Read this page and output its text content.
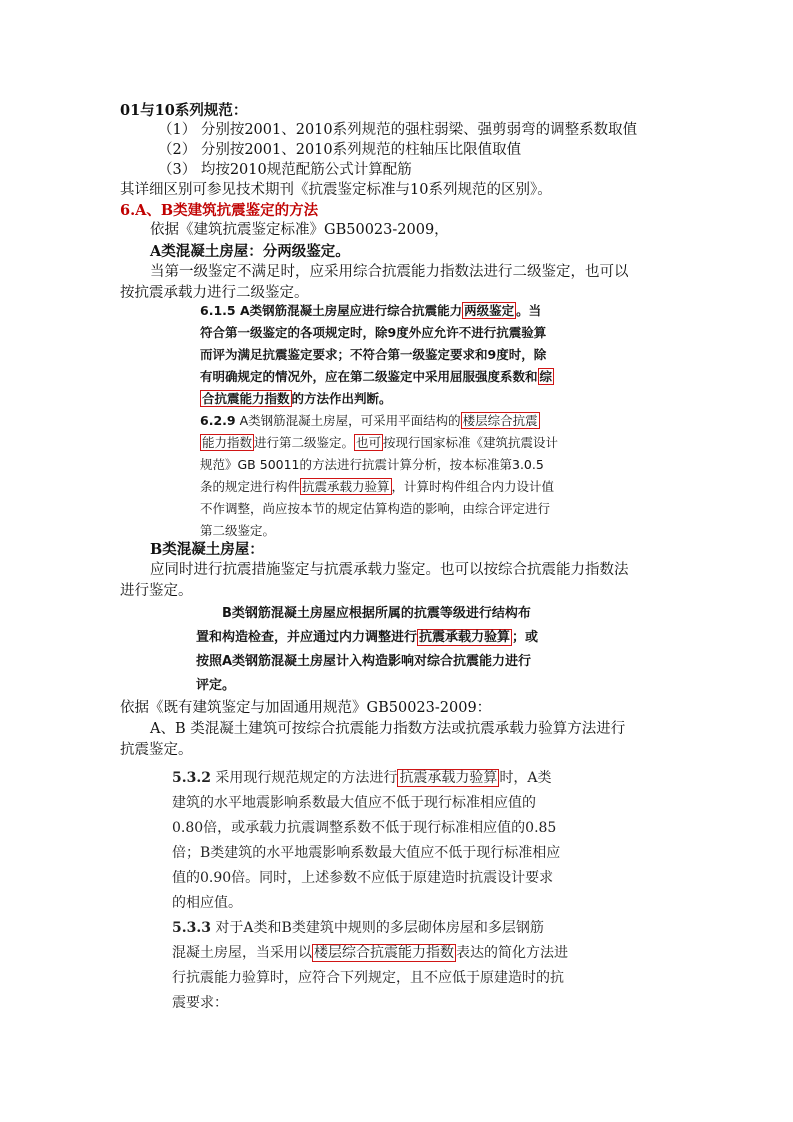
01与10系列规范：
（1） 分别按2001、2010系列规范的强柱弱梁、强剪弱弯的调整系数取值
（2） 分别按2001、2010系列规范的柱轴压比限值取值
（3） 均按2010规范配筋公式计算配筋
其详细区别可参见技术期刊《抗震鉴定标准与10系列规范的区别》。
6.A、B类建筑抗震鉴定的方法
依据《建筑抗震鉴定标准》GB50023-2009，
A类混凝土房屋：分两级鉴定。
当第一级鉴定不满足时，应采用综合抗震能力指数法进行二级鉴定，也可以
按抗震承载力进行二级鉴定。
6.1.5 A类钢筋混凝土房屋应进行综合抗震能力 两级鉴定 。当
符合第一级鉴定的各项规定时，除9度外应允许不进行抗震验算
而评为满足抗震鉴定要求；不符合第一级鉴定要求和9度时，除
有明确规定的情况外，应在第二级鉴定中采用屈服强度系数和 综
合抗震能力指数 的方法作出判断。
6.2.9 A类钢筋混凝土房屋，可采用平面结构的 楼层综合抗震
能力指数 进行第二级鉴定。 也可 按现行国家标准《建筑抗震设计
规范》GB 50011的方法进行抗震计算分析，按本标准第3.0.5
条的规定进行构件 抗震承载力验算 ，计算时构件组合内力设计值
不作调整，尚应按本节的规定估算构造的影响，由综合评定进行
第二级鉴定。
B类混凝土房屋：
应同时进行抗震措施鉴定与抗震承载力鉴定。也可以按综合抗震能力指数法
进行鉴定。
B类钢筋混凝土房屋应根据所属的抗震等级进行结构布
置和构造检查，并应通过内力调整进行 抗震承载力验算 ；或
按照A类钢筋混凝土房屋计入构造影响对综合抗震能力进行
评定。
依据《既有建筑鉴定与加固通用规范》GB50023-2009：
A、B 类混凝土建筑可按综合抗震能力指数方法或抗震承载力验算方法进行
抗震鉴定。
5.3.2 采用现行规范规定的方法进行 抗震承载力验算 时，A类
建筑的水平地震影响系数最大值应不低于现行标准相应值的
0.80倍，或承载力抗震调整系数不低于现行标准相应值的0.85
倍；B类建筑的水平地震影响系数最大值应不低于现行标准相应
值的0.90倍。同时，上述参数不应低于原建造时抗震设计要求
的相应值。
5.3.3 对于A类和B类建筑中规则的多层砌体房屋和多层钢筋
混凝土房屋，当采用以 楼层综合抗震能力指数 表达的简化方法进
行抗震能力验算时，应符合下列规定，且不应低于原建造时的抗
震要求：
